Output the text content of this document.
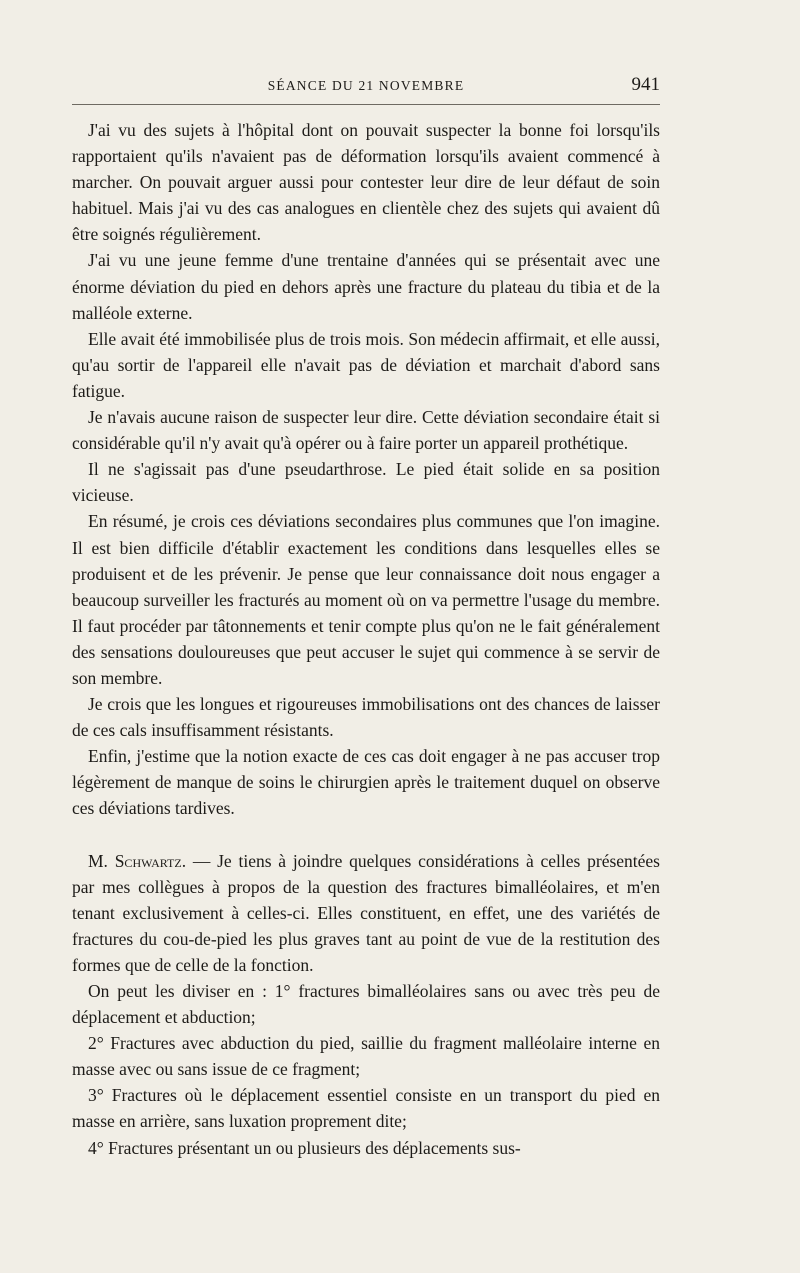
SÉANCE DU 21 NOVEMBRE	941

J'ai vu des sujets à l'hôpital dont on pouvait suspecter la bonne foi lorsqu'ils rapportaient qu'ils n'avaient pas de déformation lorsqu'ils avaient commencé à marcher. On pouvait arguer aussi pour contester leur dire de leur défaut de soin habituel. Mais j'ai vu des cas analogues en clientèle chez des sujets qui avaient dû être soignés régulièrement.

J'ai vu une jeune femme d'une trentaine d'années qui se présentait avec une énorme déviation du pied en dehors après une fracture du plateau du tibia et de la malléole externe.

Elle avait été immobilisée plus de trois mois. Son médecin affirmait, et elle aussi, qu'au sortir de l'appareil elle n'avait pas de déviation et marchait d'abord sans fatigue.

Je n'avais aucune raison de suspecter leur dire. Cette déviation secondaire était si considérable qu'il n'y avait qu'à opérer ou à faire porter un appareil prothétique.

Il ne s'agissait pas d'une pseudarthrose. Le pied était solide en sa position vicieuse.

En résumé, je crois ces déviations secondaires plus communes que l'on imagine. Il est bien difficile d'établir exactement les conditions dans lesquelles elles se produisent et de les prévenir. Je pense que leur connaissance doit nous engager a beaucoup surveiller les fracturés au moment où on va permettre l'usage du membre. Il faut procéder par tâtonnements et tenir compte plus qu'on ne le fait généralement des sensations douloureuses que peut accuser le sujet qui commence à se servir de son membre.

Je crois que les longues et rigoureuses immobilisations ont des chances de laisser de ces cals insuffisamment résistants.

Enfin, j'estime que la notion exacte de ces cas doit engager à ne pas accuser trop légèrement de manque de soins le chirurgien après le traitement duquel on observe ces déviations tardives.

M. Schwartz. — Je tiens à joindre quelques considérations à celles présentées par mes collègues à propos de la question des fractures bimalléolaires, et m'en tenant exclusivement à celles-ci. Elles constituent, en effet, une des variétés de fractures du cou-de-pied les plus graves tant au point de vue de la restitution des formes que de celle de la fonction.

On peut les diviser en : 1° fractures bimalléolaires sans ou avec très peu de déplacement et abduction;

2° Fractures avec abduction du pied, saillie du fragment malléolaire interne en masse avec ou sans issue de ce fragment;

3° Fractures où le déplacement essentiel consiste en un transport du pied en masse en arrière, sans luxation proprement dite;

4° Fractures présentant un ou plusieurs des déplacements sus-
